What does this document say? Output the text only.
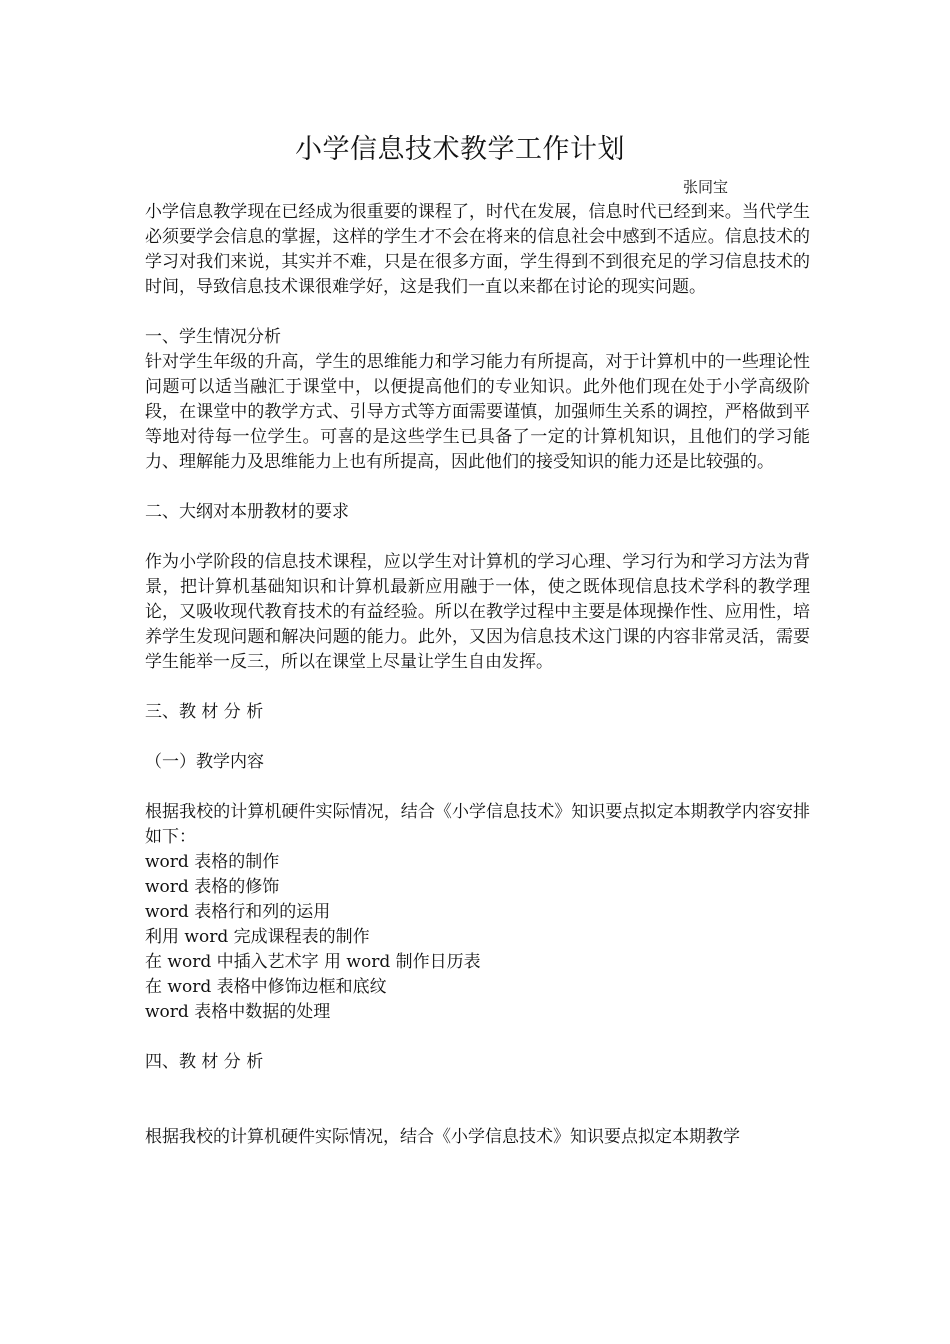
小学信息技术教学工作计划
张同宝

小学信息教学现在已经成为很重要的课程了，时代在发展，信息时代已经到来。当代学生必须要学会信息的掌握，这样的学生才不会在将来的信息社会中感到不适应。信息技术的学习对我们来说，其实并不难，只是在很多方面，学生得到不到很充足的学习信息技术的时间，导致信息技术课很难学好，这是我们一直以来都在讨论的现实问题。

一、学生情况分析

针对学生年级的升高，学生的思维能力和学习能力有所提高，对于计算机中的一些理论性问题可以适当融汇于课堂中，以便提高他们的专业知识。此外他们现在处于小学高级阶段，在课堂中的教学方式、引导方式等方面需要谨慎，加强师生关系的调控，严格做到平等地对待每一位学生。可喜的是这些学生已具备了一定的计算机知识，且他们的学习能力、理解能力及思维能力上也有所提高，因此他们的接受知识的能力还是比较强的。

二、大纲对本册教材的要求

作为小学阶段的信息技术课程，应以学生对计算机的学习心理、学习行为和学习方法为背景，把计算机基础知识和计算机最新应用融于一体，使之既体现信息技术学科的教学理论，又吸收现代教育技术的有益经验。所以在教学过程中主要是体现操作性、应用性，培养学生发现问题和解决问题的能力。此外，又因为信息技术这门课的内容非常灵活，需要学生能举一反三，所以在课堂上尽量让学生自由发挥。

三、教 材 分 析

（一）教学内容

根据我校的计算机硬件实际情况，结合《小学信息技术》知识要点拟定本期教学内容安排如下：

word 表格的制作

word 表格的修饰

word 表格行和列的运用

利用 word 完成课程表的制作

在 word 中插入艺术字 用 word 制作日历表

在 word 表格中修饰边框和底纹

word 表格中数据的处理

四、教 材 分 析

根据我校的计算机硬件实际情况，结合《小学信息技术》知识要点拟定本期教学
